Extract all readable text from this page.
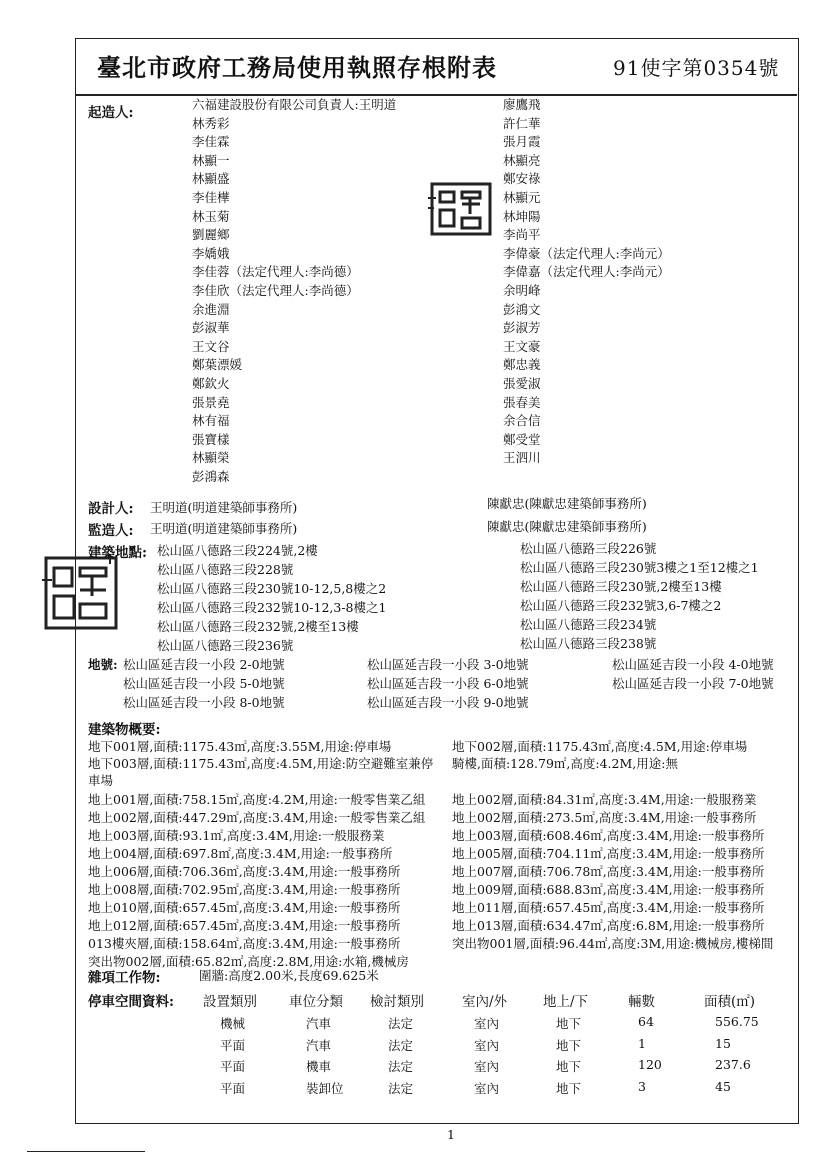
臺北市政府工務局使用執照存根附表	91使字第0354號
起造人:
六福建設股份有限公司負責人:王明道
林秀彩
李佳霖
林顯一
林顯盛
李佳樺
林玉菊
劉麗鄉
李嬌娥
李佳蓉（法定代理人:李尚德）
李佳欣（法定代理人:李尚德）
余進淵
彭淑華
王文谷
鄭葉漂媛
鄭欽火
張景堯
林有福
張寶樣
林顯榮
彭鴻森
廖鷹飛
許仁華
張月霞
林顯亮
鄭安祿
林顯元
林坤陽
李尚平
李偉豪（法定代理人:李尚元）
李偉嘉（法定代理人:李尚元）
余明峰
彭鴻文
彭淑芳
王文豪
鄭忠義
張愛淑
張春美
余合信
鄭受堂
王泗川
設計人: 王明道(明道建築師事務所)	陳獻忠(陳獻忠建築師事務所)
監造人: 王明道(明道建築師事務所)	陳獻忠(陳獻忠建築師事務所)
建築地點: 松山區八德路三段224號,2樓
松山區八德路三段228號
松山區八德路三段230號10-12,5,8樓之2
松山區八德路三段232號10-12,3-8樓之1
松山區八德路三段232號,2樓至13樓
松山區八德路三段236號
松山區八德路三段226號
松山區八德路三段230號3樓之1至12樓之1
松山區八德路三段230號,2樓至13樓
松山區八德路三段232號3,6-7樓之2
松山區八德路三段234號
松山區八德路三段238號
地號: 松山區延吉段一小段 2-0地號	松山區延吉段一小段 3-0地號	松山區延吉段一小段 4-0地號
松山區延吉段一小段 5-0地號	松山區延吉段一小段 6-0地號	松山區延吉段一小段 7-0地號
松山區延吉段一小段 8-0地號	松山區延吉段一小段 9-0地號
建築物概要:
地下001層,面積:1175.43㎡,高度:3.55M,用途:停車場	地下002層,面積:1175.43㎡,高度:4.5M,用途:停車場
地下003層,面積:1175.43㎡,高度:4.5M,用途:防空避難室兼停 騎樓,面積:128.79㎡,高度:4.2M,用途:無
車場
地上001層,面積:758.15㎡,高度:4.2M,用途:一般零售業乙組 地上002層,面積:84.31㎡,高度:3.4M,用途:一般服務業
地上002層,面積:447.29㎡,高度:3.4M,用途:一般零售業乙組 地上002層,面積:273.5㎡,高度:3.4M,用途:一般事務所
地上003層,面積:93.1㎡,高度:3.4M,用途:一般服務業	地上003層,面積:608.46㎡,高度:3.4M,用途:一般事務所
地上004層,面積:697.8㎡,高度:3.4M,用途:一般事務所	地上005層,面積:704.11㎡,高度:3.4M,用途:一般事務所
地上006層,面積:706.36㎡,高度:3.4M,用途:一般事務所	地上007層,面積:706.78㎡,高度:3.4M,用途:一般事務所
地上008層,面積:702.95㎡,高度:3.4M,用途:一般事務所	地上009層,面積:688.83㎡,高度:3.4M,用途:一般事務所
地上010層,面積:657.45㎡,高度:3.4M,用途:一般事務所	地上011層,面積:657.45㎡,高度:3.4M,用途:一般事務所
地上012層,面積:657.45㎡,高度:3.4M,用途:一般事務所	地上013層,面積:634.47㎡,高度:6.8M,用途:一般事務所
013樓夾層,面積:158.64㎡,高度:3.4M,用途:一般事務所	突出物001層,面積:96.44㎡,高度:3M,用途:機械房,樓梯間
突出物002層,面積:65.82㎡,高度:2.8M,用途:水箱,機械房
雜項工作物:	圍牆:高度2.00米,長度69.625米
停車空間資料: 設置類別 車位分類 檢討類別	室內/外	地上/下	輛數	面積(㎡)
機械	汽車	法定	室內	地下	64	556.75
平面	汽車	法定	室內	地下	1	15
平面	機車	法定	室內	地下	120	237.6
平面	裝卸位	法定	室內	地下	3	45
1
